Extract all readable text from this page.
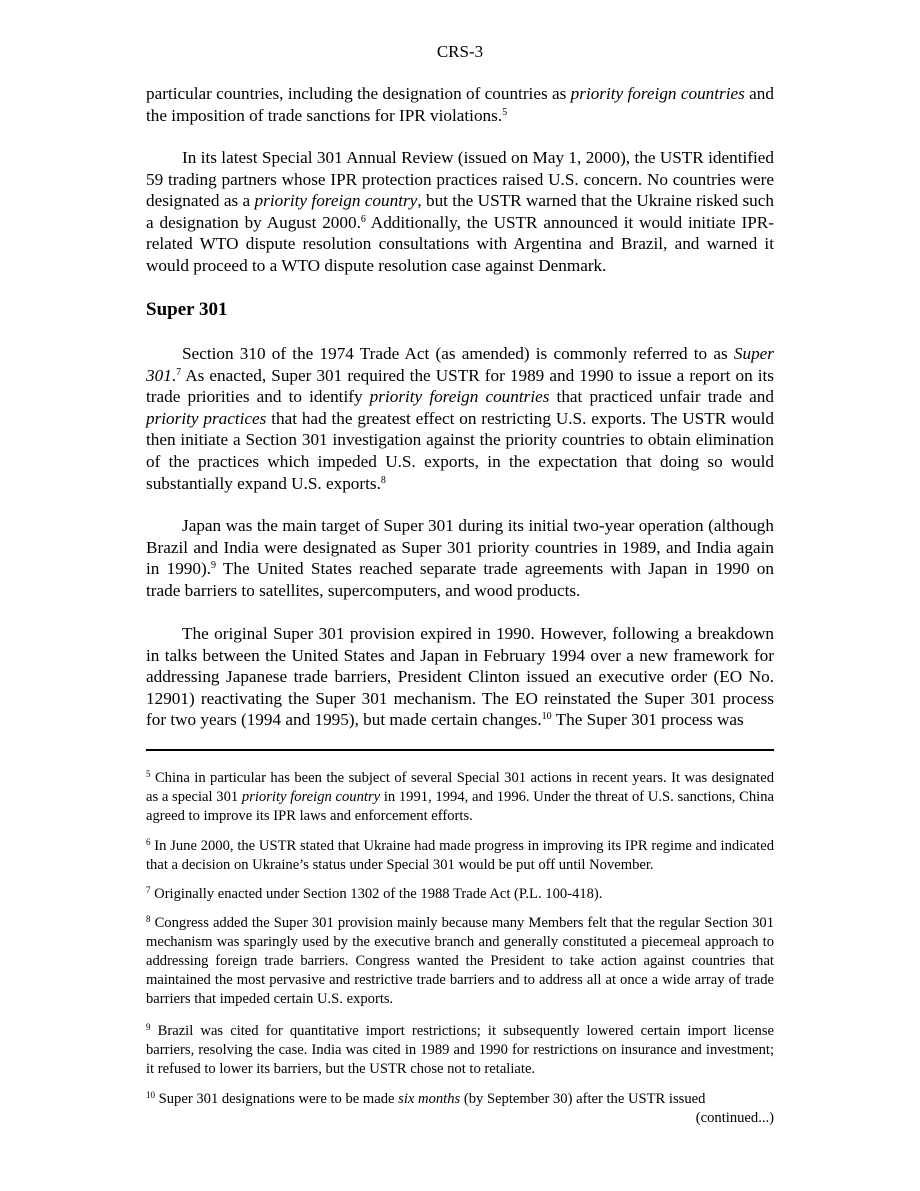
CRS-3

particular countries, including the designation of countries as priority foreign countries and the imposition of trade sanctions for IPR violations.$^5$

In its latest Special 301 Annual Review (issued on May 1, 2000), the USTR identified 59 trading partners whose IPR protection practices raised U.S. concern. No countries were designated as a priority foreign country, but the USTR warned that the Ukraine risked such a designation by August 2000.$^6$ Additionally, the USTR announced it would initiate IPR-related WTO dispute resolution consultations with Argentina and Brazil, and warned it would proceed to a WTO dispute resolution case against Denmark.

Super 301

Section 310 of the 1974 Trade Act (as amended) is commonly referred to as Super 301.$^7$ As enacted, Super 301 required the USTR for 1989 and 1990 to issue a report on its trade priorities and to identify priority foreign countries that practiced unfair trade and priority practices that had the greatest effect on restricting U.S. exports. The USTR would then initiate a Section 301 investigation against the priority countries to obtain elimination of the practices which impeded U.S. exports, in the expectation that doing so would substantially expand U.S. exports.$^8$

Japan was the main target of Super 301 during its initial two-year operation (although Brazil and India were designated as Super 301 priority countries in 1989, and India again in 1990).$^9$ The United States reached separate trade agreements with Japan in 1990 on trade barriers to satellites, supercomputers, and wood products.

The original Super 301 provision expired in 1990. However, following a breakdown in talks between the United States and Japan in February 1994 over a new framework for addressing Japanese trade barriers, President Clinton issued an executive order (EO No. 12901) reactivating the Super 301 mechanism. The EO reinstated the Super 301 process for two years (1994 and 1995), but made certain changes.$^{10}$ The Super 301 process was

$^5$ China in particular has been the subject of several Special 301 actions in recent years. It was designated as a special 301 priority foreign country in 1991, 1994, and 1996. Under the threat of U.S. sanctions, China agreed to improve its IPR laws and enforcement efforts.

$^6$ In June 2000, the USTR stated that Ukraine had made progress in improving its IPR regime and indicated that a decision on Ukraine’s status under Special 301 would be put off until November.

$^7$ Originally enacted under Section 1302 of the 1988 Trade Act (P.L. 100-418).

$^8$ Congress added the Super 301 provision mainly because many Members felt that the regular Section 301 mechanism was sparingly used by the executive branch and generally constituted a piecemeal approach to addressing foreign trade barriers. Congress wanted the President to take action against countries that maintained the most pervasive and restrictive trade barriers and to address all at once a wide array of trade barriers that impeded certain U.S. exports.

$^9$ Brazil was cited for quantitative import restrictions; it subsequently lowered certain import license barriers, resolving the case. India was cited in 1989 and 1990 for restrictions on insurance and investment; it refused to lower its barriers, but the USTR chose not to retaliate.

$^{10}$ Super 301 designations were to be made six months (by September 30) after the USTR issued

(continued...)
